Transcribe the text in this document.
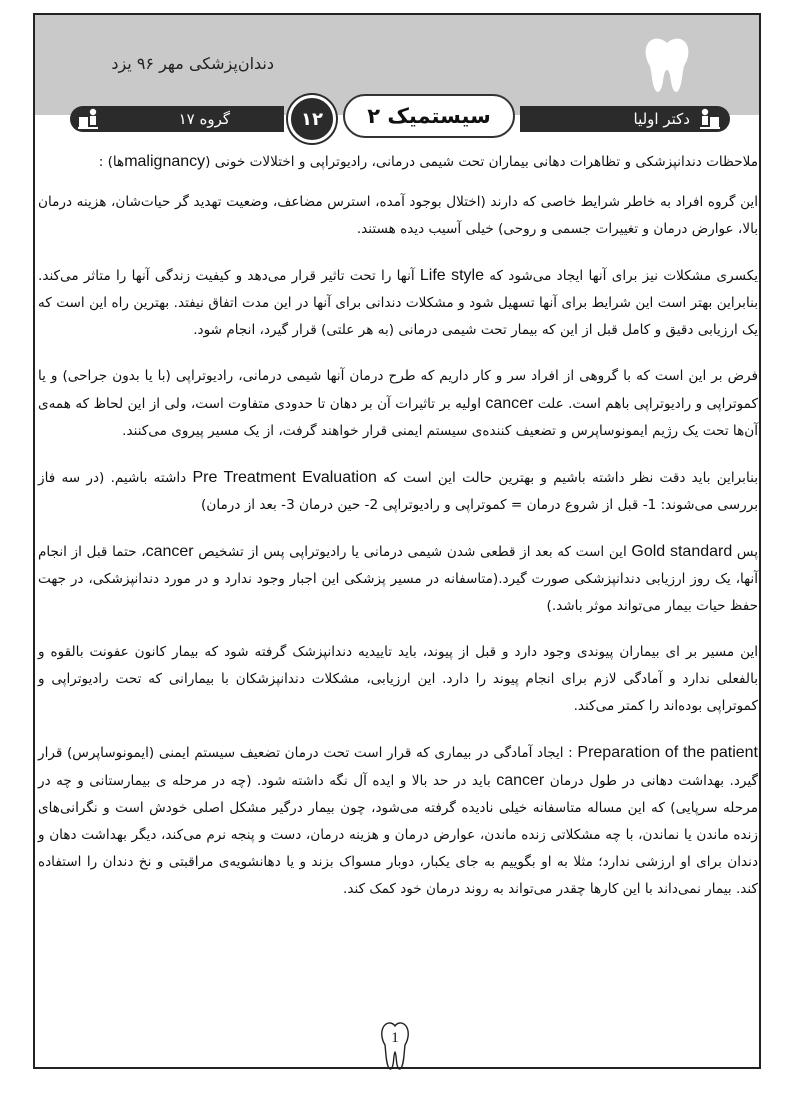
دندان‌پزشکی مهر ۹۶ یزد
دکتر اولیا
گروه ۱۷	سیستمیک ۲
۱۲

ملاحظات دندانپزشکی و تظاهرات دهانی بیماران تحت شیمی درمانی، رادیوتراپی و اختلالات خونی (malignancyها) :

این گروه افراد به خاطر شرایط خاصی که دارند (اختلال بوجود آمده، استرس مضاعف، وضعیت تهدید گر حیات‌شان، هزینه درمان بالا، عوارض درمان و تغییرات جسمی و روحی) خیلی آسیب دیده هستند.

یکسری مشکلات نیز برای آنها ایجاد می‌شود که Life style آنها را تحت تاثیر قرار می‌دهد و کیفیت زندگی آنها را متاثر می‌کند. بنابراین بهتر است این شرایط برای آنها تسهیل شود و مشکلات دندانی برای آنها در این مدت اتفاق نیفتد. بهترین راه این است که یک ارزیابی دقیق و کامل قبل از این که بیمار تحت شیمی درمانی (به هر علتی) قرار گیرد، انجام شود.

فرض بر این است که با گروهی از افراد سر و کار داریم که طرح درمان آنها شیمی درمانی، رادیوتراپی (با یا بدون جراحی) و یا کموتراپی و رادیوتراپی باهم است. علت cancer اولیه بر تاثیرات آن بر دهان تا حدودی متفاوت است، ولی از این لحاظ که همه‌ی آن‌ها تحت یک رژیم ایمونوساپرس و تضعیف کننده‌ی سیستم ایمنی قرار خواهند گرفت، از یک مسیر پیروی می‌کنند.

بنابراین باید دقت نظر داشته باشیم و بهترین حالت این است که Pre Treatment Evaluation داشته باشیم. (در سه فاز بررسی می‌شوند: 1- قبل از شروع درمان = کموتراپی و رادیوتراپی 2- حین درمان 3- بعد از درمان)

پس Gold standard این است که بعد از قطعی شدن شیمی درمانی یا رادیوتراپی پس از تشخیص cancer، حتما قبل از انجام آنها، یک روز ارزیابی دندانپزشکی صورت گیرد.(متاسفانه در مسیر پزشکی این اجبار وجود ندارد و در مورد دندانپزشکی، در جهت حفظ حیات بیمار می‌تواند موثر باشد.)

این مسیر بر ای بیماران پیوندی وجود دارد و قبل از پیوند، باید تاییدیه دندانپزشک گرفته شود که بیمار کانون عفونت بالقوه و بالفعلی ندارد و آمادگی لازم برای انجام پیوند را دارد. این ارزیابی، مشکلات دندانپزشکان با بیمارانی که تحت رادیوتراپی و کموتراپی بوده‌اند را کمتر می‌کند.

Preparation of the patient : ایجاد آمادگی در بیماری که قرار است تحت درمان تضعیف سیستم ایمنی (ایمونوساپرس) قرار گیرد. بهداشت دهانی در طول درمان cancer باید در حد بالا و ایده آل نگه داشته شود. (چه در مرحله ی بیمارستانی و چه در مرحله سرپایی) که این مساله متاسفانه خیلی نادیده گرفته می‌شود، چون بیمار درگیر مشکل اصلی خودش است و نگرانی‌های زنده ماندن یا نماندن، با چه مشکلاتی زنده ماندن، عوارض درمان و هزینه درمان، دست و پنجه نرم می‌کند، دیگر بهداشت دهان و دندان برای او ارزشی ندارد؛ مثلا به او بگوییم به جای یکبار، دوبار مسواک بزند و یا دهانشویه‌ی مراقبتی و نخ دندان را استفاده کند. بیمار نمی‌داند با این کارها چقدر می‌تواند به روند درمان خود کمک کند.

1
